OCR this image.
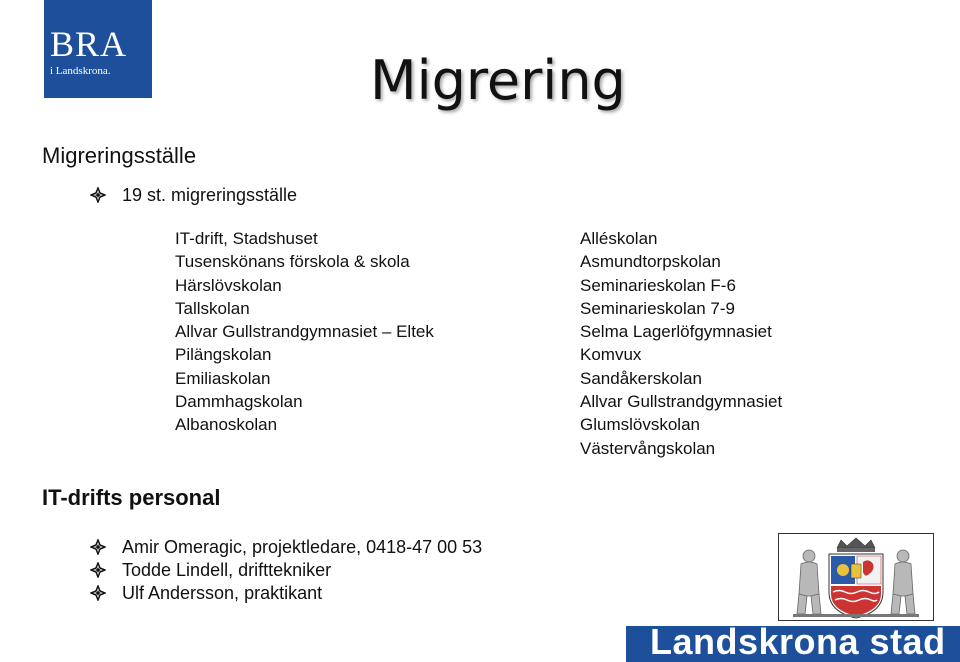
BRA
i Landskrona.	Migrering
Migreringsställe
19 st. migreringsställe
IT-drift, Stadshuset
Tusenskönans förskola & skola
Härslövskolan
Tallskolan
Allvar Gullstrandgymnasiet – Eltek
Pilängskolan
Emiliaskolan
Dammhagskolan
Albanoskolan
Alléskolan
Asmundtorpskolan
Seminarieskolan F-6
Seminarieskolan 7-9
Selma Lagerlöfgymnasiet
Komvux
Sandåkerskolan
Allvar Gullstrandgymnasiet
Glumslövskolan
Västervångskolan
IT-drifts personal
Amir Omeragic, projektledare, 0418-47 00 53
Todde Lindell, drifttekniker
Ulf Andersson, praktikant
Landskrona stad
